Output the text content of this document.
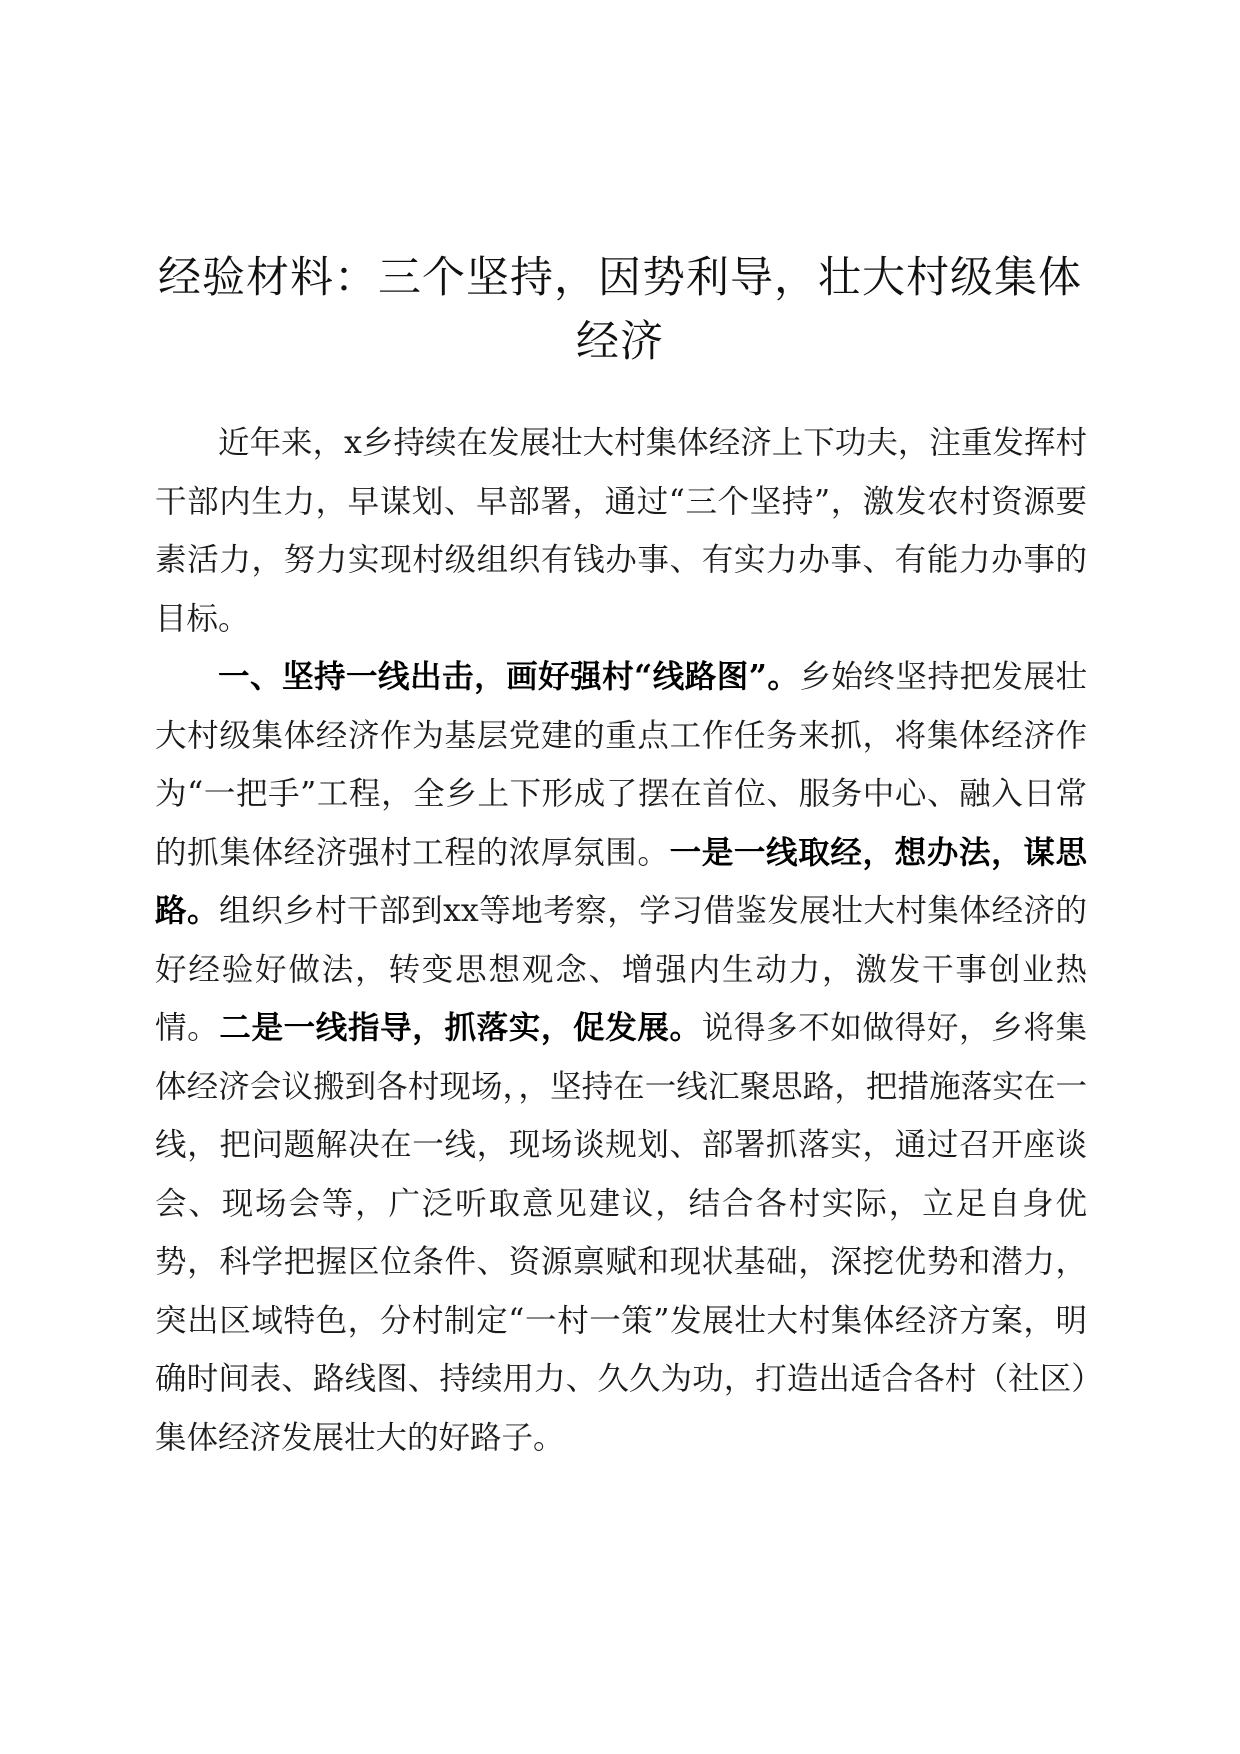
经验材料：三个坚持，因势利导，壮大村级集体经济

近年来，x乡持续在发展壮大村集体经济上下功夫，注重发挥村干部内生力，早谋划、早部署，通过“三个坚持”，激发农村资源要素活力，努力实现村级组织有钱办事、有实力办事、有能力办事的目标。

一、坚持一线出击，画好强村“线路图”。乡始终坚持把发展壮大村级集体经济作为基层党建的重点工作任务来抓，将集体经济作为“一把手”工程，全乡上下形成了摆在首位、服务中心、融入日常的抓集体经济强村工程的浓厚氛围。一是一线取经，想办法，谋思路。组织乡村干部到xx等地考察，学习借鉴发展壮大村集体经济的好经验好做法，转变思想观念、增强内生动力，激发干事创业热情。二是一线指导，抓落实，促发展。说得多不如做得好，乡将集体经济会议搬到各村现场，，坚持在一线汇聚思路，把措施落实在一线，把问题解决在一线，现场谈规划、部署抓落实，通过召开座谈会、现场会等，广泛听取意见建议，结合各村实际，立足自身优势，科学把握区位条件、资源禀赋和现状基础，深挖优势和潜力，突出区域特色，分村制定“一村一策”发展壮大村集体经济方案，明确时间表、路线图、持续用力、久久为功，打造出适合各村（社区）集体经济发展壮大的好路子。
